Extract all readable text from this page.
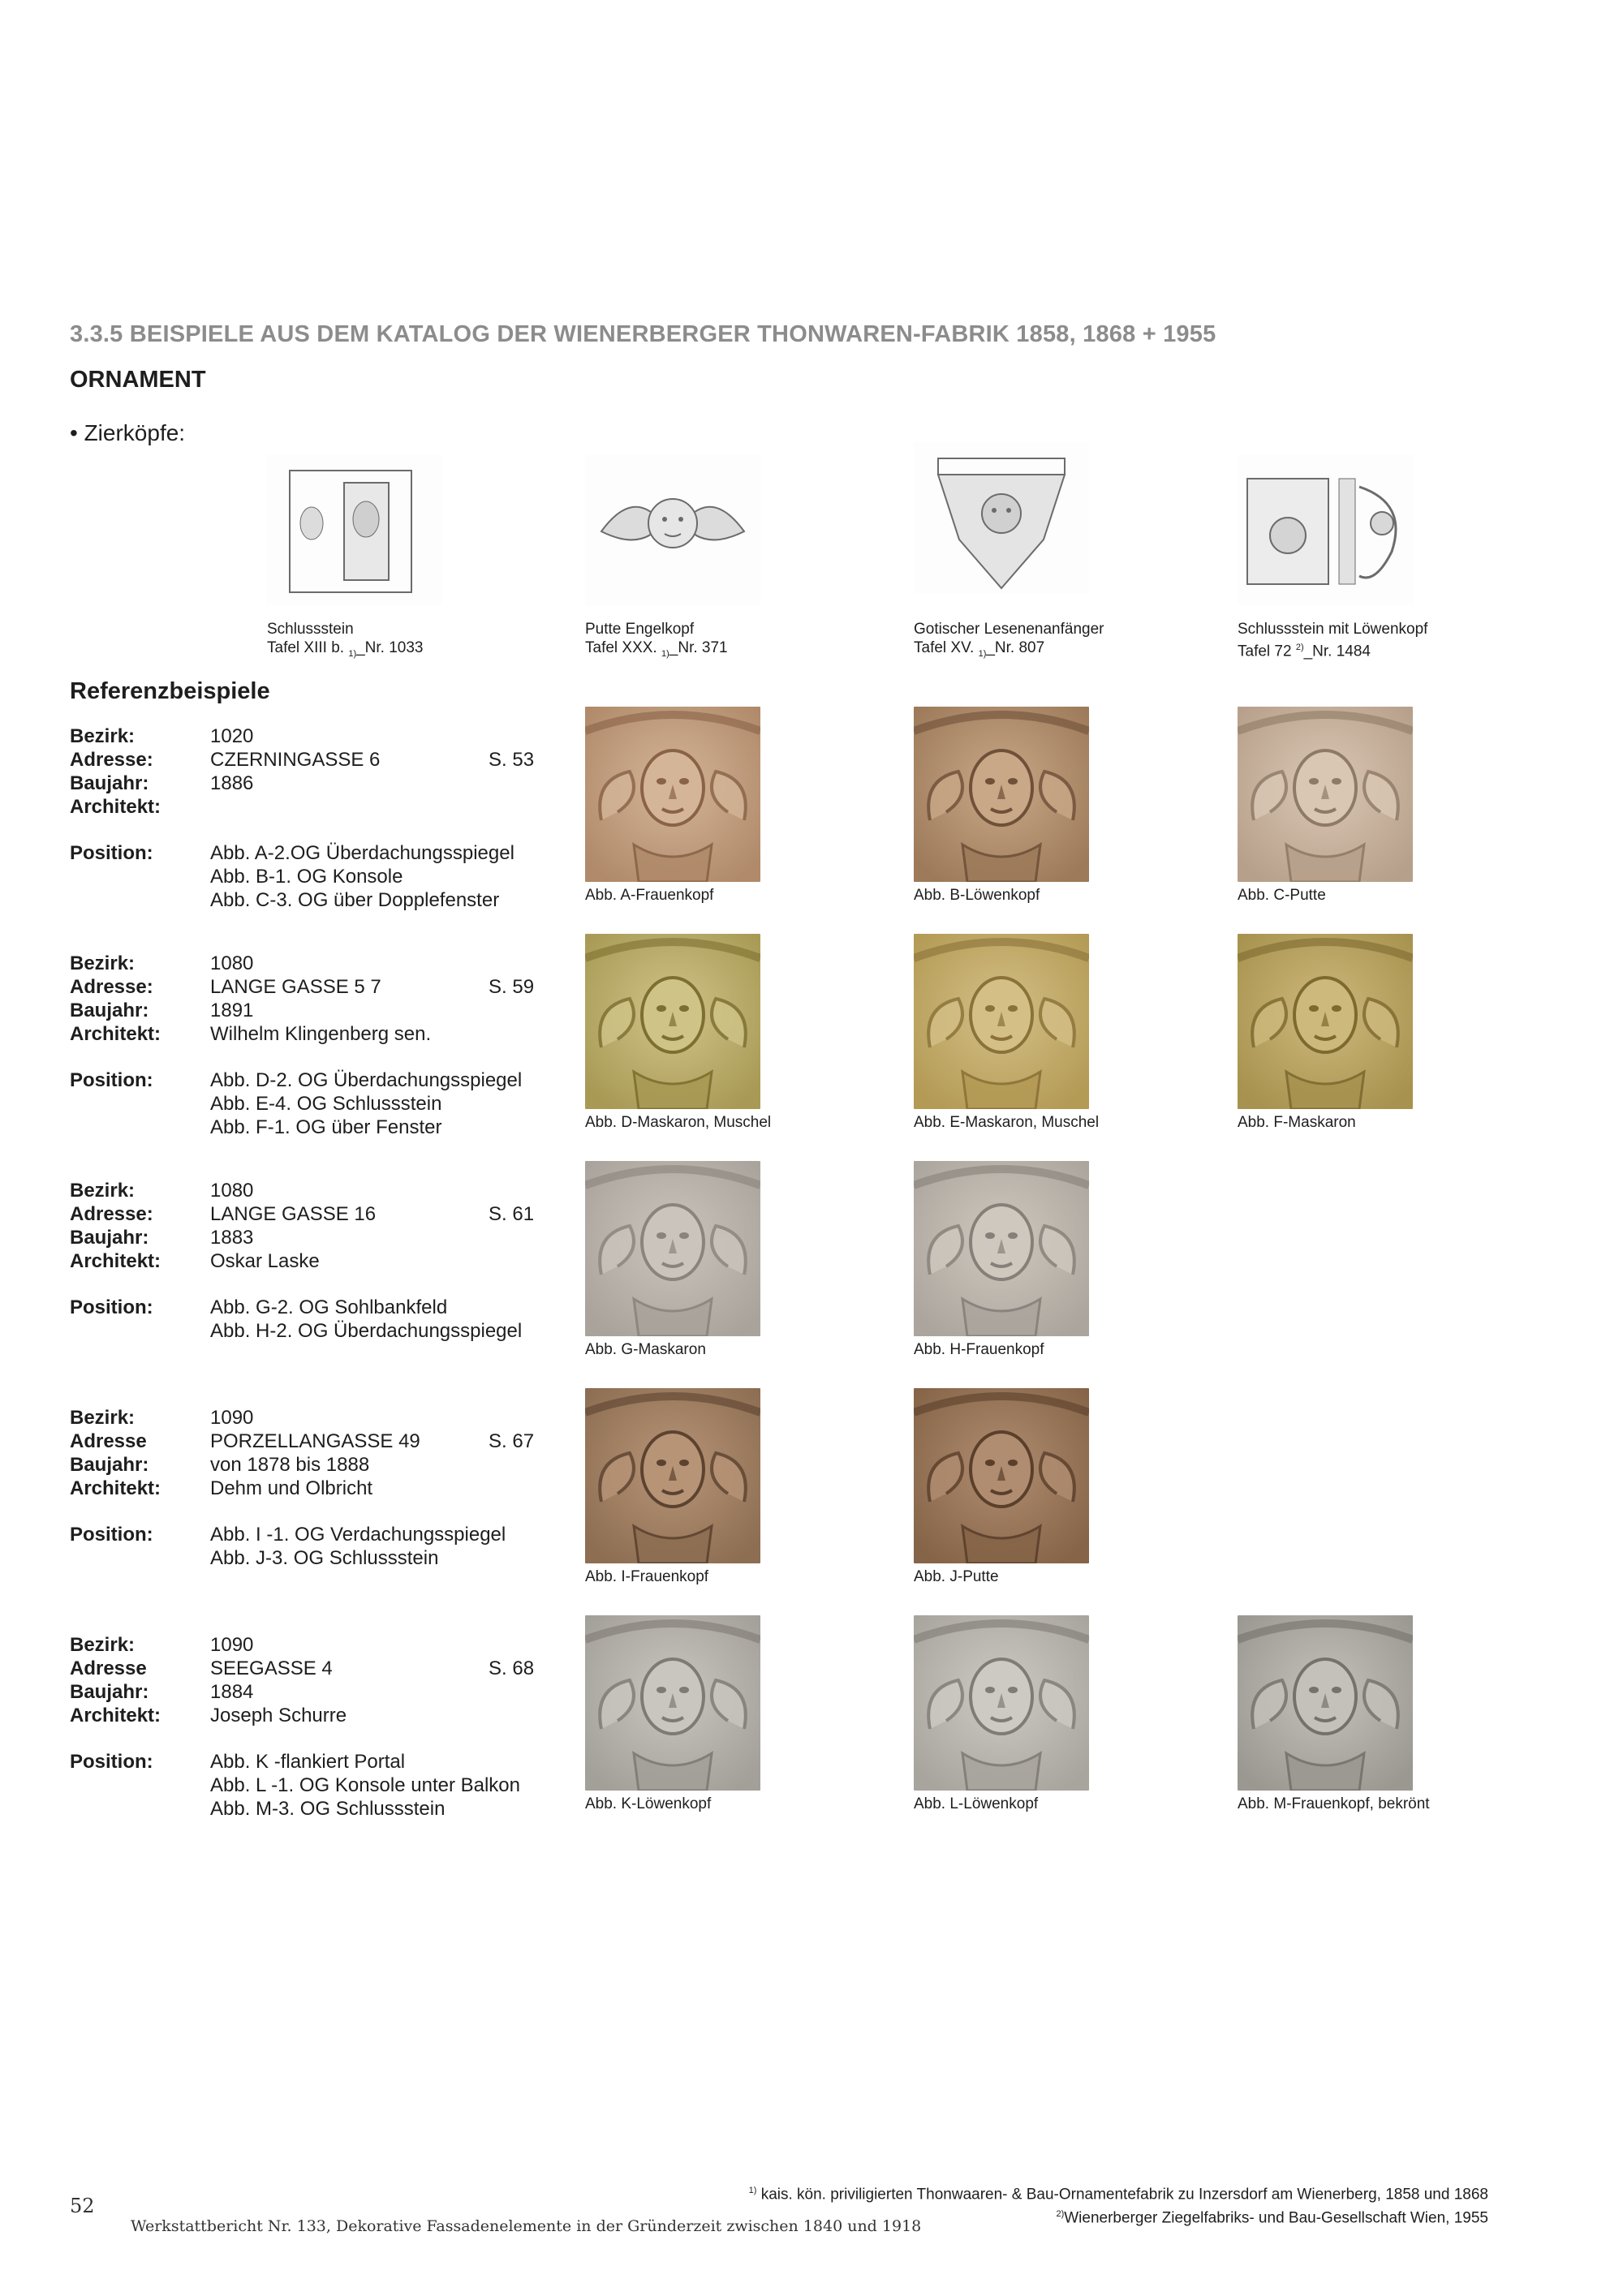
3.3.5 BEISPIELE AUS DEM KATALOG DER WIENERBERGER THONWAREN-FABRIK 1858, 1868 + 1955
ORNAMENT
• Zierköpfe:
Schlussstein
Tafel XIII b. $_{1)}$_Nr. 1033
Putte Engelkopf
Tafel XXX. $_{1)}$_Nr. 371
Gotischer Lesenenanfänger
Tafel XV. $_{1)}$_Nr. 807
Schlussstein mit Löwenkopf
Tafel 72 $^{2)}$_Nr. 1484
Referenzbeispiele
Bezirk:	1020
Adresse:	CZERNINGASSE 6	S. 53
Baujahr:	1886
Architekt:
Position:	Abb. A-2.OG Überdachungsspiegel
Abb. B-1. OG Konsole
Abb. C-3. OG über Dopplefenster	Abb. A-Frauenkopf	Abb. B-Löwenkopf	Abb. C-Putte
Bezirk:	1080
Adresse:	LANGE GASSE 5 7	S. 59
Baujahr:	1891
Architekt:	Wilhelm Klingenberg sen.
Position:	Abb. D-2. OG Überdachungsspiegel
Abb. E-4. OG Schlussstein
Abb. F-1. OG über Fenster	Abb. D-Maskaron, Muschel	Abb. E-Maskaron, Muschel	Abb. F-Maskaron
Bezirk:	1080
Adresse:	LANGE GASSE 16	S. 61
Baujahr:	1883
Architekt:	Oskar Laske
Position:	Abb. G-2. OG Sohlbankfeld
Abb. H-2. OG Überdachungsspiegel
Abb. G-Maskaron	Abb. H-Frauenkopf
Bezirk:	1090
Adresse	PORZELLANGASSE 49	S. 67
Baujahr:	von 1878 bis 1888
Architekt:	Dehm und Olbricht
Position:	Abb. I -1. OG Verdachungsspiegel
Abb. J-3. OG Schlussstein
Abb. I-Frauenkopf	Abb. J-Putte
Bezirk:	1090
Adresse	SEEGASSE 4	S. 68
Baujahr:	1884
Architekt:	Joseph Schurre
Position:	Abb. K -flankiert Portal
Abb. L -1. OG Konsole unter Balkon
Abb. M-3. OG Schlussstein	Abb. K-Löwenkopf	Abb. L-Löwenkopf	Abb. M-Frauenkopf, bekrönt
$^{1)}$ kais. kön. priviligierten Thonwaaren- & Bau-Ornamentefabrik zu Inzersdorf am Wienerberg, 1858 und 1868
$^{2)}$Wienerberger Ziegelfabriks- und Bau-Gesellschaft Wien, 1955
52
Werkstattbericht Nr. 133, Dekorative Fassadenelemente in der Gründerzeit zwischen 1840 und 1918
